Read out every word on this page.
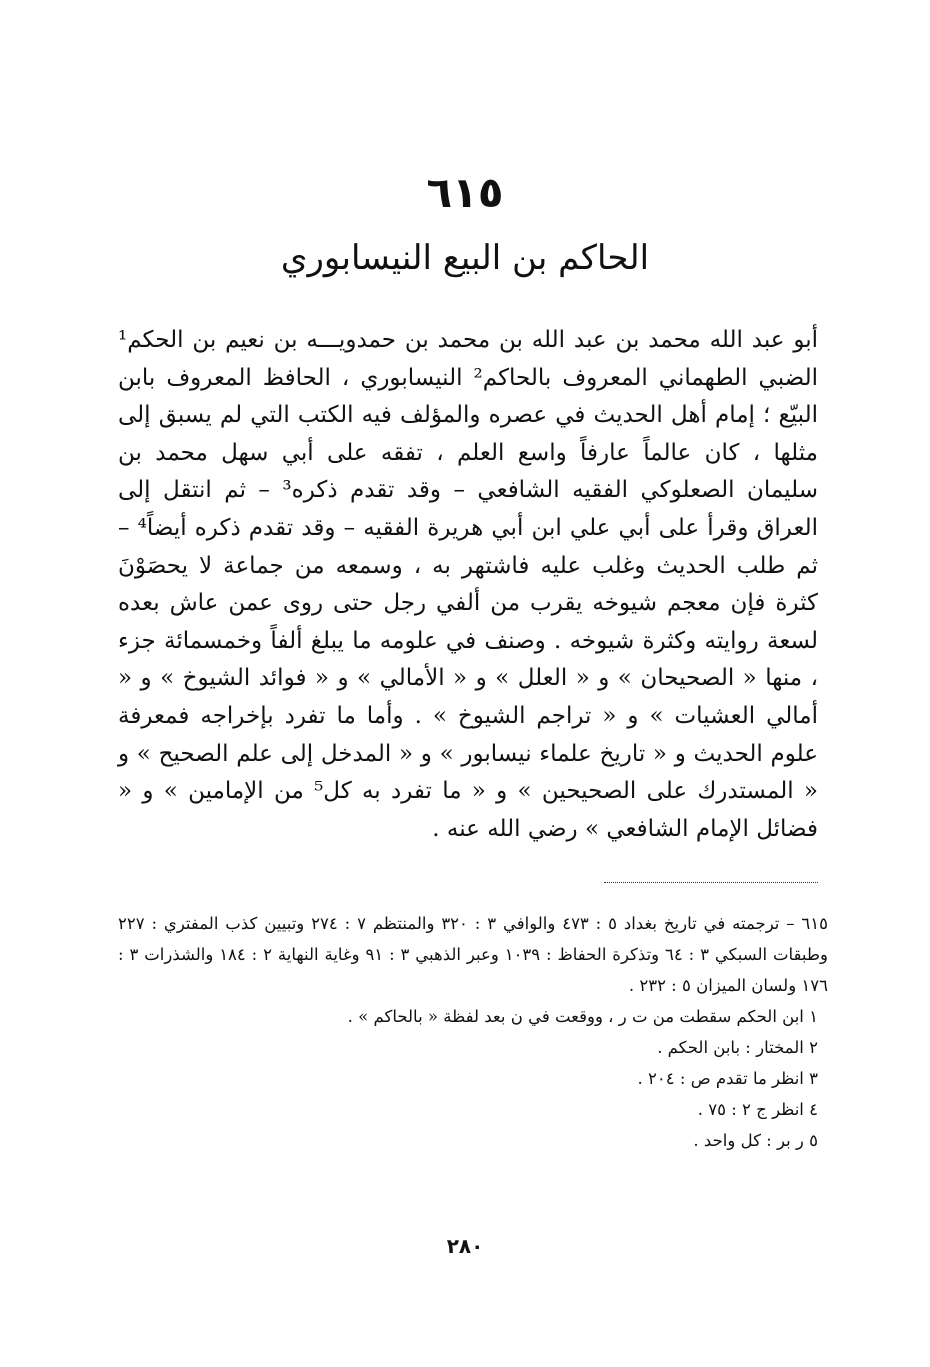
٦١٥
الحاكم بن البيع النيسابوري
أبو عبد الله محمد بن عبد الله بن محمد بن حمدويـــه بن نعيم بن الحكم¹ الضبي الطهماني المعروف بالحاكم² النيسابوري ، الحافظ المعروف بابن البيّع ؛ إمام أهل الحديث في عصره والمؤلف فيه الكتب التي لم يسبق إلى مثلها ، كان عالماً عارفاً واسع العلم ، تفقه على أبي سهل محمد بن سليمان الصعلوكي الفقيه الشافعي – وقد تقدم ذكره³ – ثم انتقل إلى العراق وقرأ على أبي علي ابن أبي هريرة الفقيه – وقد تقدم ذكره أيضاً⁴ – ثم طلب الحديث وغلب عليه فاشتهر به ، وسمعه من جماعة لا يحصَوْنَ كثرة فإن معجم شيوخه يقرب من ألفي رجل حتى روى عمن عاش بعده لسعة روايته وكثرة شيوخه . وصنف في علومه ما يبلغ ألفاً وخمسمائة جزء ، منها « الصحيحان » و « العلل » و « الأمالي » و « فوائد الشيوخ » و « أمالي العشيات » و « تراجم الشيوخ » . وأما ما تفرد بإخراجه فمعرفة علوم الحديث و « تاريخ علماء نيسابور » و « المدخل إلى علم الصحيح » و « المستدرك على الصحيحين » و « ما تفرد به كل⁵ من الإمامين » و « فضائل الإمام الشافعي » رضي الله عنه .
٦١٥ – ترجمته في تاريخ بغداد ٥ : ٤٧٣ والوافي ٣ : ٣٢٠ والمنتظم ٧ : ٢٧٤ وتبيين كذب المفتري : ٢٢٧ وطبقات السبكي ٣ : ٦٤ وتذكرة الحفاظ : ١٠٣٩ وعبر الذهبي ٣ : ٩١ وغاية النهاية ٢ : ١٨٤ والشذرات ٣ : ١٧٦ ولسان الميزان ٥ : ٢٣٢ .
١ ابن الحكم سقطت من ت ر ، ووقعت في ن بعد لفظة « بالحاكم » .
٢ المختار : بابن الحكم .
٣ انظر ما تقدم ص : ٢٠٤ .
٤ انظر ج ٢ : ٧٥ .
٥ ر بر : كل واحد .
٢٨٠
